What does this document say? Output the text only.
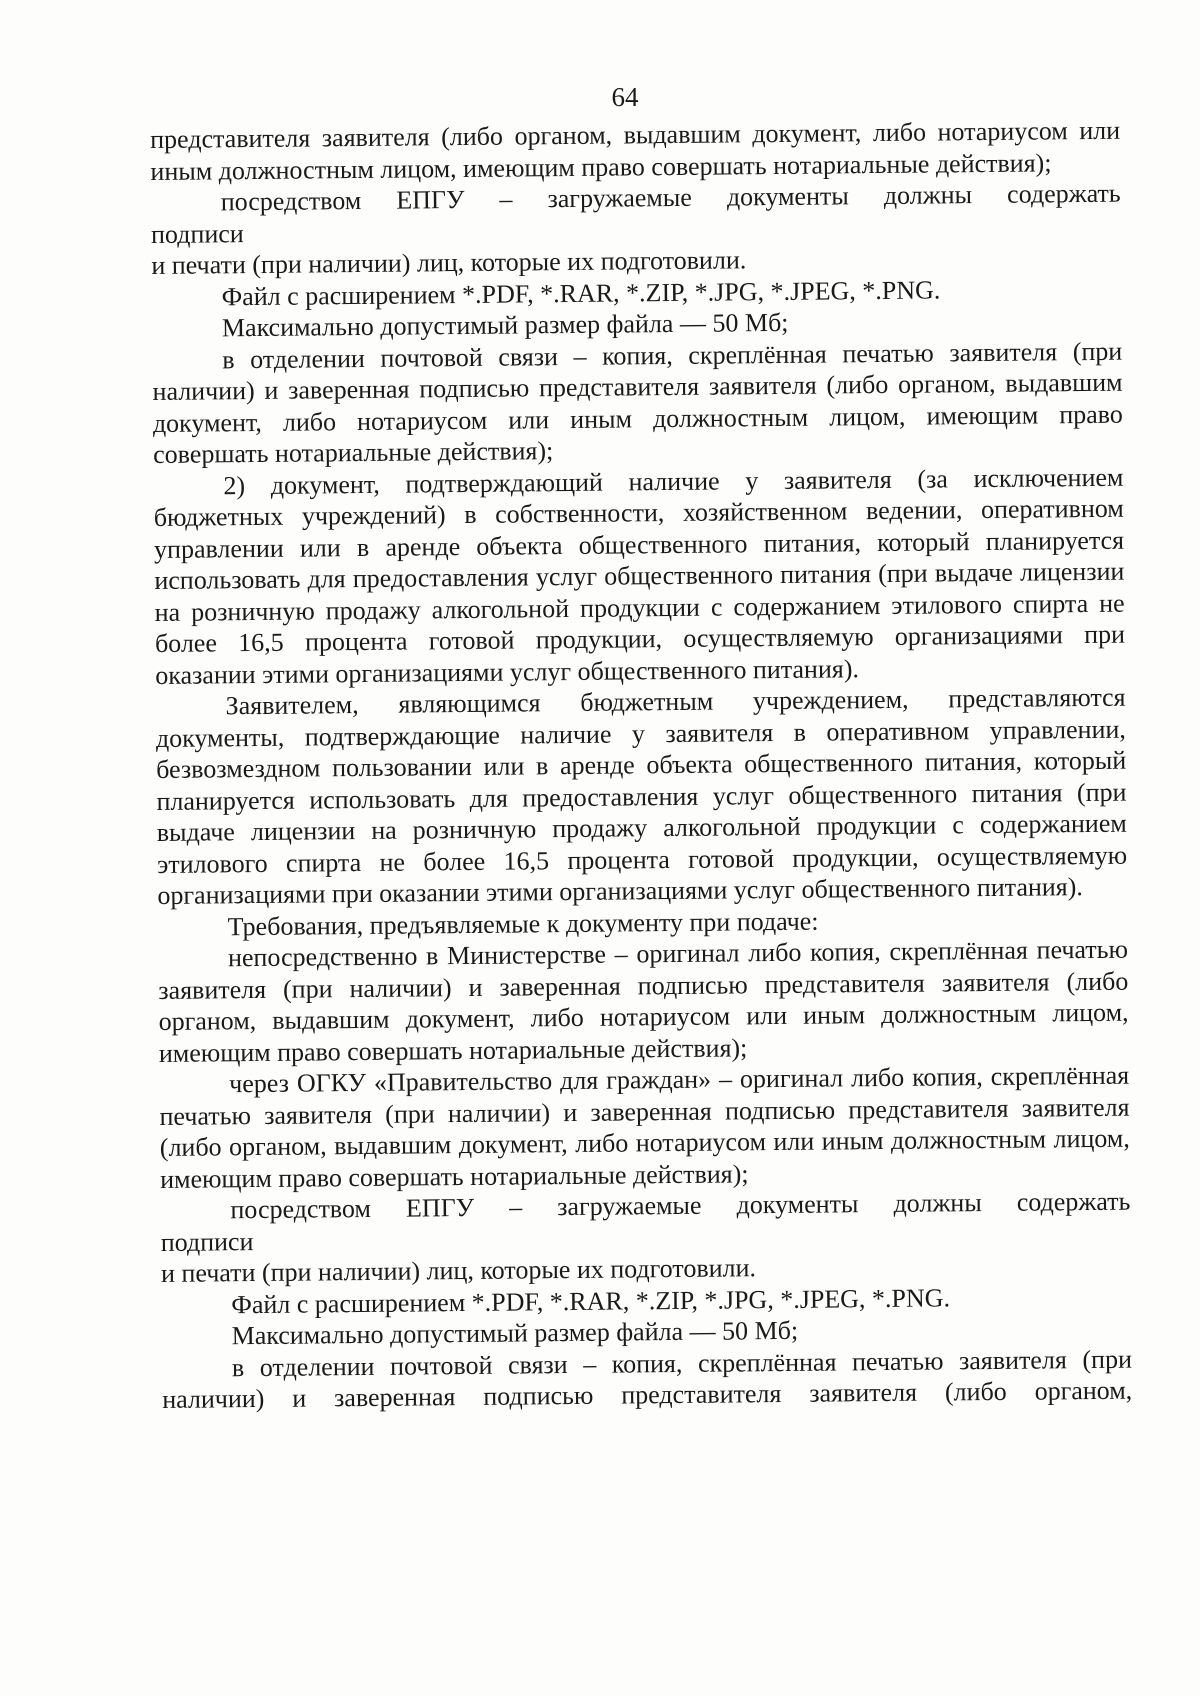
64

представителя заявителя (либо органом, выдавшим документ, либо нотариусом или иным должностным лицом, имеющим право совершать нотариальные действия);

посредством ЕПГУ – загружаемые документы должны содержать

подписи

и печати (при наличии) лиц, которые их подготовили.

Файл с расширением *.PDF, *.RAR, *.ZIP, *.JPG, *.JPEG, *.PNG.

Максимально допустимый размер файла — 50 Мб;

в отделении почтовой связи – копия, скреплённая печатью заявителя (при наличии) и заверенная подписью представителя заявителя (либо органом, выдавшим документ, либо нотариусом или иным должностным лицом, имеющим право совершать нотариальные действия);

2) документ, подтверждающий наличие у заявителя (за исключением бюджетных учреждений) в собственности, хозяйственном ведении, оперативном управлении или в аренде объекта общественного питания, который планируется использовать для предоставления услуг общественного питания (при выдаче лицензии на розничную продажу алкогольной продукции с содержанием этилового спирта не более 16,5 процента готовой продукции, осуществляемую организациями при оказании этими организациями услуг общественного питания).

Заявителем, являющимся бюджетным учреждением, представляются документы, подтверждающие наличие у заявителя в оперативном управлении, безвозмездном пользовании или в аренде объекта общественного питания, который планируется использовать для предоставления услуг общественного питания (при выдаче лицензии на розничную продажу алкогольной продукции с содержанием этилового спирта не более 16,5 процента готовой продукции, осуществляемую организациями при оказании этими организациями услуг общественного питания).

Требования, предъявляемые к документу при подаче:

непосредственно в Министерстве – оригинал либо копия, скреплённая печатью заявителя (при наличии) и заверенная подписью представителя заявителя (либо органом, выдавшим документ, либо нотариусом или иным должностным лицом, имеющим право совершать нотариальные действия);

через ОГКУ «Правительство для граждан» – оригинал либо копия, скреплённая печатью заявителя (при наличии) и заверенная подписью представителя заявителя (либо органом, выдавшим документ, либо нотариусом или иным должностным лицом, имеющим право совершать нотариальные действия);

посредством ЕПГУ – загружаемые документы должны содержать

подписи

и печати (при наличии) лиц, которые их подготовили.

Файл с расширением *.PDF, *.RAR, *.ZIP, *.JPG, *.JPEG, *.PNG.

Максимально допустимый размер файла — 50 Мб;

в отделении почтовой связи – копия, скреплённая печатью заявителя (при наличии) и заверенная подписью представителя заявителя (либо органом,
